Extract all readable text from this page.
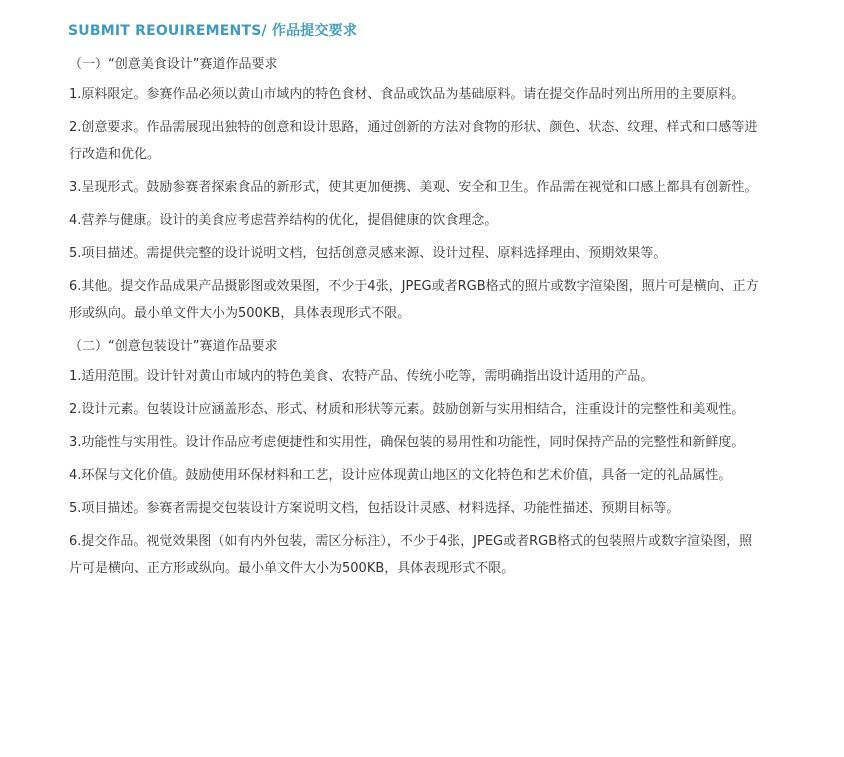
SUBMIT REOUIREMENTS/ 作品提交要求
（一）“创意美食设计”赛道作品要求
1.原料限定。参赛作品必须以黄山市域内的特色食材、食品或饮品为基础原料。请在提交作品时列出所用的主要原料。
2.创意要求。作品需展现出独特的创意和设计思路，通过创新的方法对食物的形状、颜色、状态、纹理、样式和口感等进行改造和优化。
3.呈现形式。鼓励参赛者探索食品的新形式，使其更加便携、美观、安全和卫生。作品需在视觉和口感上都具有创新性。
4.营养与健康。设计的美食应考虑营养结构的优化，提倡健康的饮食理念。
5.项目描述。需提供完整的设计说明文档，包括创意灵感来源、设计过程、原料选择理由、预期效果等。
6.其他。提交作品成果产品摄影图或效果图，不少于4张，JPEG或者RGB格式的照片或数字渲染图，照片可是横向、正方形或纵向。最小单文件大小为500KB，具体表现形式不限。
（二）“创意包装设计”赛道作品要求
1.适用范围。设计针对黄山市域内的特色美食、农特产品、传统小吃等，需明确指出设计适用的产品。
2.设计元素。包装设计应涵盖形态、形式、材质和形状等元素。鼓励创新与实用相结合，注重设计的完整性和美观性。
3.功能性与实用性。设计作品应考虑便捷性和实用性，确保包装的易用性和功能性，同时保持产品的完整性和新鲜度。
4.环保与文化价值。鼓励使用环保材料和工艺，设计应体现黄山地区的文化特色和艺术价值，具备一定的礼品属性。
5.项目描述。参赛者需提交包装设计方案说明文档，包括设计灵感、材料选择、功能性描述、预期目标等。
6.提交作品。视觉效果图（如有内外包装，需区分标注），不少于4张，JPEG或者RGB格式的包装照片或数字渲染图，照片可是横向、正方形或纵向。最小单文件大小为500KB，具体表现形式不限。
